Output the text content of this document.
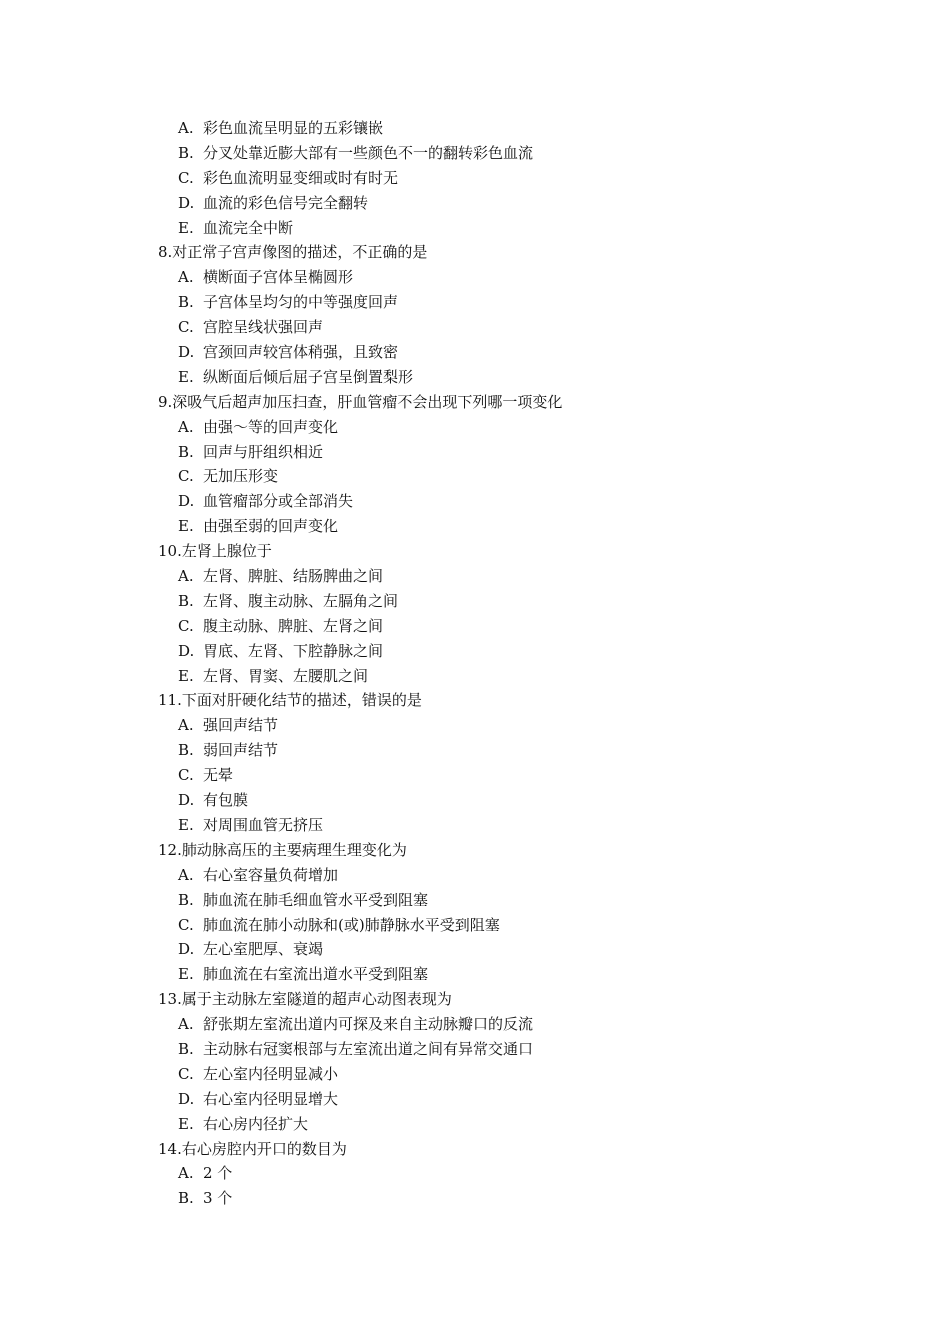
A. 彩色血流呈明显的五彩镶嵌
B. 分叉处靠近膨大部有一些颜色不一的翻转彩色血流
C. 彩色血流明显变细或时有时无
D. 血流的彩色信号完全翻转
E. 血流完全中断
8.对正常子宫声像图的描述，不正确的是
A. 横断面子宫体呈椭圆形
B. 子宫体呈均匀的中等强度回声
C. 宫腔呈线状强回声
D. 宫颈回声较宫体稍强，且致密
E. 纵断面后倾后屈子宫呈倒置梨形
9.深吸气后超声加压扫查，肝血管瘤不会出现下列哪一项变化
A. 由强～等的回声变化
B. 回声与肝组织相近
C. 无加压形变
D. 血管瘤部分或全部消失
E. 由强至弱的回声变化
10.左肾上腺位于
A. 左肾、脾脏、结肠脾曲之间
B. 左肾、腹主动脉、左膈角之间
C. 腹主动脉、脾脏、左肾之间
D. 胃底、左肾、下腔静脉之间
E. 左肾、胃窦、左腰肌之间
11.下面对肝硬化结节的描述，错误的是
A. 强回声结节
B. 弱回声结节
C. 无晕
D. 有包膜
E. 对周围血管无挤压
12.肺动脉高压的主要病理生理变化为
A. 右心室容量负荷增加
B. 肺血流在肺毛细血管水平受到阻塞
C. 肺血流在肺小动脉和(或)肺静脉水平受到阻塞
D. 左心室肥厚、衰竭
E. 肺血流在右室流出道水平受到阻塞
13.属于主动脉左室隧道的超声心动图表现为
A. 舒张期左室流出道内可探及来自主动脉瓣口的反流
B. 主动脉右冠窦根部与左室流出道之间有异常交通口
C. 左心室内径明显减小
D. 右心室内径明显增大
E. 右心房内径扩大
14.右心房腔内开口的数目为
A. 2 个
B. 3 个
